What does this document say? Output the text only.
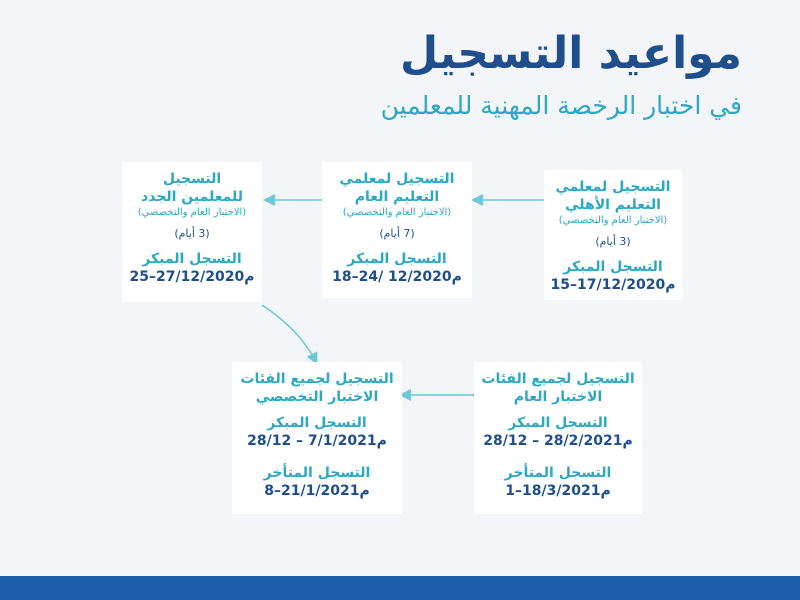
مواعيد التسجيل
في اختبار الرخصة المهنية للمعلمين
التسجيل لمعلمي
التعليم الأهلي
(الاختبار العام والتخصصي)
(3 أيام)
التسجل المبكر
15–17/12/2020م
التسجيل لمعلمي
التعليم العام
(الاختبار العام والتخصصي)
(7 أيام)
التسجل المبكر
18–24/ 12/2020م
التسجيل
للمعلمين الجدد
(الاختبار العام والتخصصي)
(3 أيام)
التسجل المبكر
25–27/12/2020م
التسجيل لجميع الفئات
الاختبار العام
التسجل المبكر
28/12 – 28/2/2021م
التسجل المتأخر
1–18/3/2021م
التسجيل لجميع الفئات
الاختبار التخصصي
التسجل المبكر
28/12 – 7/1/2021م
التسجل المتأخر
8–21/1/2021م
